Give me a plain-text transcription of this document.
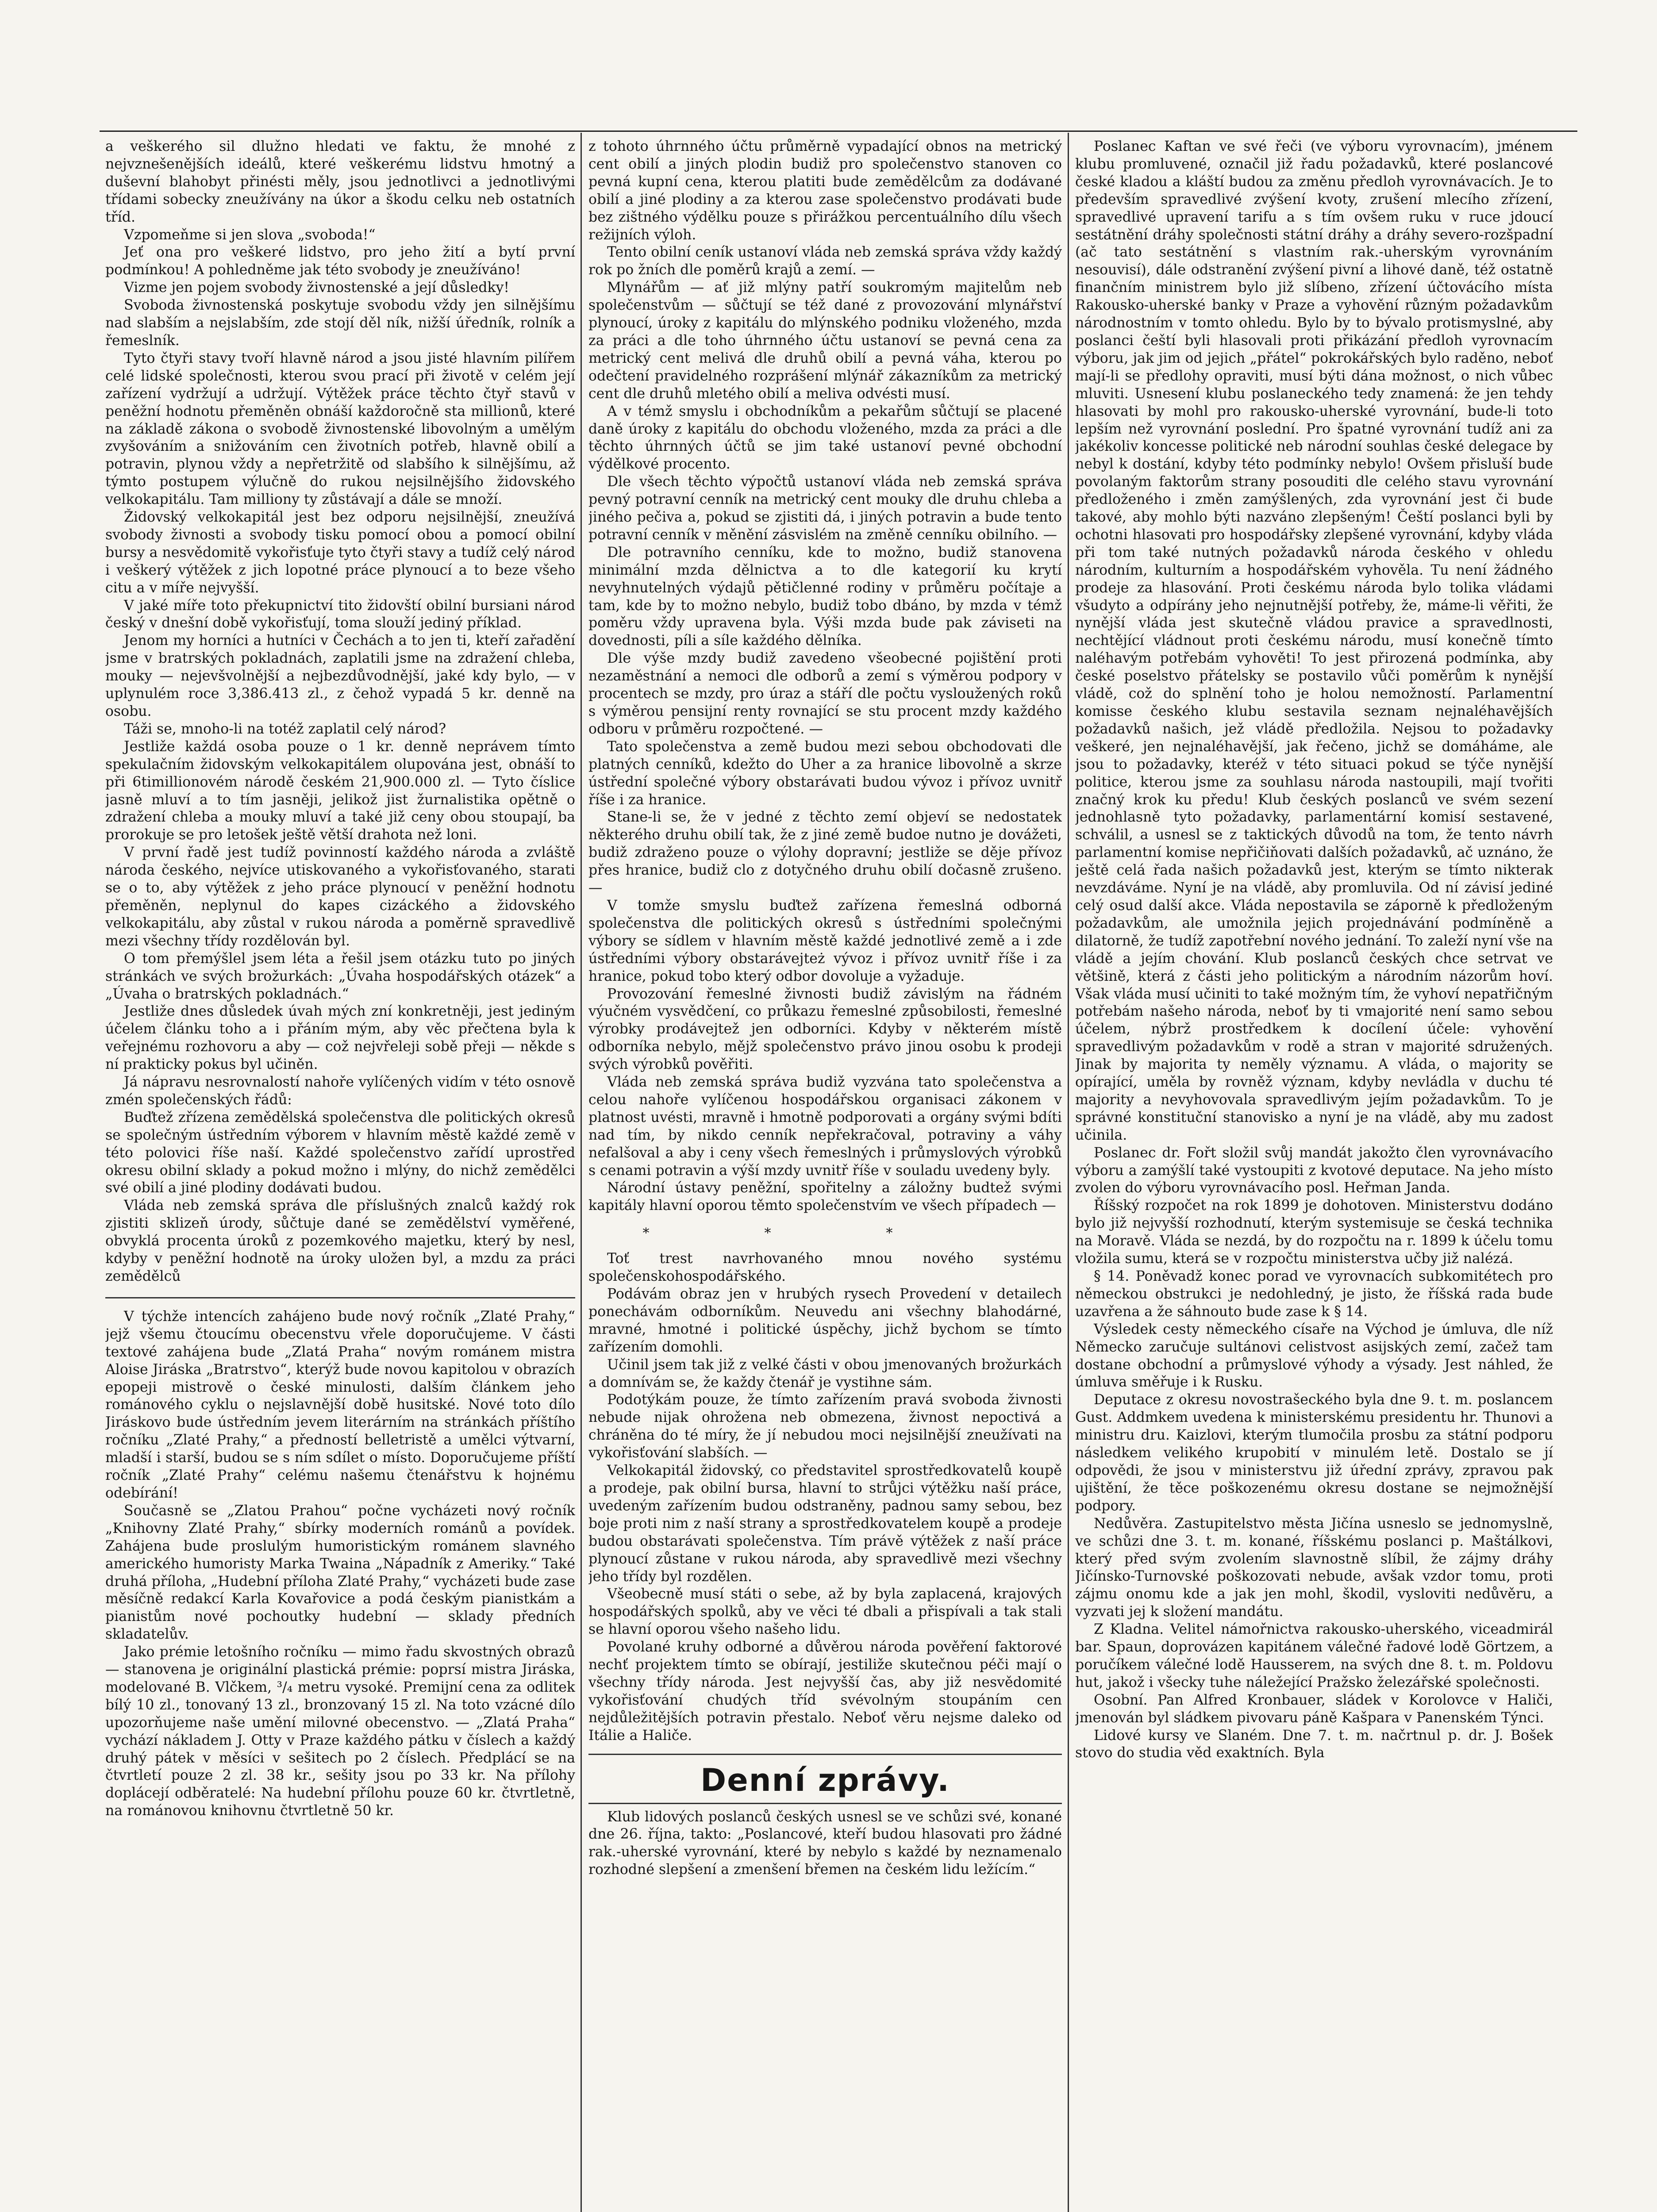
a veškerého sil dlužno hledati ve faktu, že mnohé z nejvznešenějších ideálů, které veškerému lidstvu hmotný a duševní blahobyt přinésti měly, jsou jednotlivci a jednotlivými třídami sobecky zneužívány na úkor a škodu celku neb ostatních tříd.

Vzpomeňme si jen slova „svoboda!“

Jeť ona pro veškeré lidstvo, pro jeho žití a bytí první podmínkou! A pohledněme jak této svobody je zneužíváno!

Vizme jen pojem svobody živnostenské a její důsledky!

Svoboda živnostenská poskytuje svobodu vždy jen silnějšímu nad slabším a nejslabším, zde stojí děl ník, nižší úředník, rolník a řemeslník.

Tyto čtyři stavy tvoří hlavně národ a jsou jisté hlavním pilířem celé lidské společnosti, kterou svou prací při životě v celém její zařízení vydržují a udržují. Výtěžek práce těchto čtyř stavů v peněžní hodnotu přeměněn obnáší každoročně sta millionů, které na základě zákona o svobodě živnostenské libovolným a umělým zvyšováním a snižováním cen životních potřeb, hlavně obilí a potravin, plynou vždy a nepřetržitě od slabšího k silnějšímu, až týmto postupem výlučně do rukou nejsilnějšího židovského velkokapitálu. Tam milliony ty zůstávají a dále se množí.

Židovský velkokapitál jest bez odporu nejsilnější, zneužívá svobody živnosti a svobody tisku pomocí obou a pomocí obilní bursy a nesvědomitě vykořisťuje tyto čtyři stavy a tudíž celý národ i veškerý výtěžek z jich lopotné práce plynoucí a to beze všeho citu a v míře nejvyšší.

V jaké míře toto překupnictví tito židovští obilní bursiani národ český v dnešní době vykořisťují, toma slouží jediný příklad.

Jenom my horníci a hutníci v Čechách a to jen ti, kteří zařadění jsme v bratrských pokladnách, zaplatili jsme na zdražení chleba, mouky — nejevšvolnější a nejbezdůvodnější, jaké kdy bylo, — v uplynulém roce 3,386.413 zl., z čehož vypadá 5 kr. denně na osobu.

Táži se, mnoho-li na totéž zaplatil celý národ?

Jestliže každá osoba pouze o 1 kr. denně neprávem tímto spekulačním židovským velkokapitálem olupována jest, obnáší to při 6timillionovém národě českém 21,900.000 zl. — Tyto číslice jasně mluví a to tím jasněji, jelikož jist žurnalistika opětně o zdražení chleba a mouky mluví a také již ceny obou stoupají, ba prorokuje se pro letošek ještě větší drahota než loni.

V první řadě jest tudíž povinností každého národa a zvláště národa českého, nejvíce utiskovaného a vykořisťovaného, starati se o to, aby výtěžek z jeho práce plynoucí v peněžní hodnotu přeměněn, neplynul do kapes cizáckého a židovského velkokapitálu, aby zůstal v rukou národa a poměrně spravedlivě mezi všechny třídy rozdělován byl.

O tom přemýšlel jsem léta a řešil jsem otázku tuto po jiných stránkách ve svých brožurkách: „Úvaha hospodářských otázek“ a „Úvaha o bratrských pokladnách.“

Jestliže dnes důsledek úvah mých zní konkretněji, jest jediným účelem článku toho a i přáním mým, aby věc přečtena byla k veřejnému rozhovoru a aby — což nejvřeleji sobě přeji — někde s ní prakticky pokus byl učiněn.

Já nápravu nesrovnalostí nahoře vylíčených vidím v této osnově zmén společenských řádů:

Buďtež zřízena zemědělská společenstva dle politických okresů se společným ústředním výborem v hlavním městě každé země v této polovici říše naší. Každé společenstvo zařídí uprostřed okresu obilní sklady a pokud možno i mlýny, do nichž zemědělci své obilí a jiné plodiny dodávati budou.

Vláda neb zemská správa dle příslušných znalců každý rok zjistiti sklizeň úrody, sůčtuje dané se zemědělství vyměřené, obvyklá procenta úroků z pozemkového majetku, který by nesl, kdyby v peněžní hodnotě na úroky uložen byl, a mzdu za práci zemědělců

V týchže intencích zahájeno bude nový ročník „Zlaté Prahy,“ jejž všemu čtoucímu obecenstvu vřele doporučujeme. V části textové zahájena bude „Zlatá Praha“ novým románem mistra Aloise Jiráska „Bratrstvo“, kterýž bude novou kapitolou v obrazích epopeji mistrově o české minulosti, dalším článkem jeho románového cyklu o nejslavnější době husitské. Nové toto dílo Jiráskovo bude ústředním jevem literárním na stránkách příštího ročníku „Zlaté Prahy,“ a předností belletristě a umělci výtvarní, mladší i starší, budou se s ním sdílet o místo. Doporučujeme příští ročník „Zlaté Prahy“ celému našemu čtenářstvu k hojnému odebírání!

Současně se „Zlatou Prahou“ počne vycházeti nový ročník „Knihovny Zlaté Prahy,“ sbírky moderních románů a povídek. Zahájena bude proslulým humoristickým románem slavného amerického humoristy Marka Twaina „Nápadník z Ameriky.“ Také druhá příloha, „Hudební příloha Zlaté Prahy,“ vycházeti bude zase měsíčně redakcí Karla Kovařovice a podá českým pianistkám a pianistům nové pochoutky hudební — sklady předních skladatelův.

Jako prémie letošního ročníku — mimo řadu skvostných obrazů — stanovena je originální plastická prémie: poprsí mistra Jiráska, modelované B. Vlčkem, ³/₄ metru vysoké. Premijní cena za odlitek bílý 10 zl., tonovaný 13 zl., bronzovaný 15 zl. Na toto vzácné dílo upozorňujeme naše umění milovné obecenstvo. — „Zlatá Praha“ vychází nákladem J. Otty v Praze každého pátku v číslech a každý druhý pátek v měsíci v sešitech po 2 číslech. Předplácí se na čtvrtletí pouze 2 zl. 38 kr., sešity jsou po 33 kr. Na přílohy doplácejí odběratelé: Na hudební přílohu pouze 60 kr. čtvrtletně, na románovou knihovnu čtvrtletně 50 kr.

z tohoto úhrnného účtu průměrně vypadající obnos na metrický cent obilí a jiných plodin budiž pro společenstvo stanoven co pevná kupní cena, kterou platiti bude zemědělcům za dodávané obilí a jiné plodiny a za kterou zase společenstvo prodávati bude bez zištného výdělku pouze s přirážkou percentuálního dílu všech režijních výloh.

Tento obilní ceník ustanoví vláda neb zemská správa vždy každý rok po žních dle poměrů krajů a zemí. —

Mlynářům — ať již mlýny patří soukromým majitelům neb společenstvům — sůčtují se též dané z provozování mlynářství plynoucí, úroky z kapitálu do mlýnského podniku vloženého, mzda za práci a dle toho úhrnného účtu ustanoví se pevná cena za metrický cent melivá dle druhů obilí a pevná váha, kterou po odečtení pravidelného rozprášení mlýnář zákazníkům za metrický cent dle druhů mletého obilí a meliva odvésti musí.

A v témž smyslu i obchodníkům a pekařům sůčtují se placené daně úroky z kapitálu do obchodu vloženého, mzda za práci a dle těchto úhrnných účtů se jim také ustanoví pevné obchodní výdělkové procento.

Dle všech těchto výpočtů ustanoví vláda neb zemská správa pevný potravní cenník na metrický cent mouky dle druhu chleba a jiného pečiva a, pokud se zjistiti dá, i jiných potravin a bude tento potravní cenník v měnění zásvislém na změně cenníku obilního. —

Dle potravního cenníku, kde to možno, budiž stanovena minimální mzda dělnictva a to dle kategorií ku krytí nevyhnutelných výdajů pětičlenné rodiny v průměru počítaje a tam, kde by to možno nebylo, budiž tobo dbáno, by mzda v témž poměru vždy upravena byla. Výši mzda bude pak záviseti na dovednosti, píli a síle každého dělníka.

Dle výše mzdy budiž zavedeno všeobecné pojištění proti nezaměstnání a nemoci dle odborů a zemí s výměrou podpory v procentech se mzdy, pro úraz a stáří dle počtu vysloužených roků s výměrou pensijní renty rovnající se stu procent mzdy každého odboru v průměru rozpočtené. —

Tato společenstva a země budou mezi sebou obchodovati dle platných cenníků, kdežto do Uher a za hranice libovolně a skrze ústřední společné výbory obstarávati budou vývoz i přívoz uvnitř říše i za hranice.

Stane-li se, že v jedné z těchto zemí objeví se nedostatek některého druhu obilí tak, že z jiné země budoe nutno je dovážeti, budiž zdraženo pouze o výlohy dopravní; jestliže se děje přívoz přes hranice, budiž clo z dotyčného druhu obilí dočasně zrušeno. —

V tomže smyslu buďtež zařízena řemeslná odborná společenstva dle politických okresů s ústředními společnými výbory se sídlem v hlavním městě každé jednotlivé země a i zde ústředními výbory obstarávejteż vývoz i přívoz uvnitř říše i za hranice, pokud tobo který odbor dovoluje a vyžaduje.

Provozování řemeslné živnosti budiž závislým na řádném výučném vysvědčení, co průkazu řemeslné způsobilosti, řemeslné výrobky prodávejtež jen odborníci. Kdyby v některém místě odborníka nebylo, mějž společenstvo právo jinou osobu k prodeji svých výrobků pověřiti.

Vláda neb zemská správa budiž vyzvána tato společenstva a celou nahoře vylíčenou hospodářskou organisaci zákonem v platnost uvésti, mravně i hmotně podporovati a orgány svými bdíti nad tím, by nikdo cenník nepřekračoval, potraviny a váhy nefalšoval a aby i ceny všech řemeslných i průmyslových výrobků s cenami potravin a výší mzdy uvnitř říše v souladu uvedeny byly.

Národní ústavy peněžní, spořitelny a záložny budtež svými kapitály hlavní oporou těmto společenstvím ve všech případech —

***

Toť trest navrhovaného mnou nového systému společenskohospodářského.

Podávám obraz jen v hrubých rysech Provedení v detailech ponechávám odborníkům. Neuvedu ani všechny blahodárné, mravné, hmotné i politické úspěchy, jichž bychom se tímto zařízením domohli.

Učinil jsem tak již z velké části v obou jmenovaných brožurkách a domnívám se, že každy čtenář je vystihne sám.

Podotýkám pouze, že tímto zařízením pravá svoboda živnosti nebude nijak ohrožena neb obmezena, živnost nepoctivá a chráněna do té míry, že jí nebudou moci nejsilnější zneužívati na vykořisťování slabších. —

Velkokapitál židovský, co představitel sprostředkovatelů koupě a prodeje, pak obilní bursa, hlavní to strůjci výtěžku naší práce, uvedeným zařízením budou odstraněny, padnou samy sebou, bez boje proti nim z naší strany a sprostředkovatelem koupě a prodeje budou obstarávati společenstva. Tím právě výtěžek z naší práce plynoucí zůstane v rukou národa, aby spravedlivě mezi všechny jeho třídy byl rozdělen.

Všeobecně musí státi o sebe, až by byla zaplacená, krajových hospodářských spolků, aby ve věci té dbali a přispívali a tak stali se hlavní oporou všeho našeho lidu.

Povolané kruhy odborné a důvěrou národa pověření faktorové nechť projektem tímto se obírají, jestiliže skutečnou péči mají o všechny třídy národa. Jest nejvyšší čas, aby již nesvědomité vykořisťování chudých tříd svévolným stoupáním cen nejdůležitějších potravin přestalo. Neboť věru nejsme daleko od Itálie a Haliče.

Denní zprávy.

Klub lidových poslanců českých usnesl se ve schůzi své, konané dne 26. října, takto: „Poslancové, kteří budou hlasovati pro žádné rak.-uherské vyrovnání, které by nebylo s každé by neznamenalo rozhodné slepšení a zmenšení břemen na českém lidu ležícím.“

Poslanec Kaftan ve své řeči (ve výboru vyrovnacím), jménem klubu promluvené, označil již řadu požadavků, které poslancové české kladou a kláští budou za změnu předloh vyrovnávacích. Je to především spravedlivé zvýšení kvoty, zrušení mlecího zřízení, spravedlivé upravení tarifu a s tím ovšem ruku v ruce jdoucí sestátnění dráhy společnosti státní dráhy a dráhy severo-rozšpadní (ač tato sestátnění s vlastním rak.-uherským vyrovnáním nesouvisí), dále odstranění zvýšení pivní a lihové daně, též ostatně finančním ministrem bylo již slíbeno, zřízení účtovácího místa Rakousko-uherské banky v Praze a vyhovění různým požadavkům národnostním v tomto ohledu. Bylo by to bývalo protismyslné, aby poslanci čeští byli hlasovali proti přikázání předloh vyrovnacím výboru, jak jim od jejich „přátel“ pokrokářských bylo raděno, neboť mají-li se předlohy opraviti, musí býti dána možnost, o nich vůbec mluviti. Usnesení klubu poslaneckého tedy znamená: že jen tehdy hlasovati by mohl pro rakousko-uherské vyrovnání, bude-li toto lepším než vyrovnání poslední. Pro špatné vyrovnání tudíž ani za jakékoliv koncesse politické neb národní souhlas české delegace by nebyl k dostání, kdyby této podmínky nebylo! Ovšem přisluší bude povolaným faktorům strany posouditi dle celého stavu vyrovnání předloženého i změn zamýšlených, zda vyrovnání jest či bude takové, aby mohlo býti nazváno zlepšeným! Čeští poslanci byli by ochotni hlasovati pro hospodářsky zlepšené vyrovnání, kdyby vláda při tom také nutných požadavků národa českého v ohledu národním, kulturním a hospodářském vyhověla. Tu není žádného prodeje za hlasování. Proti českému národa bylo tolika vládami všudyto a odpírány jeho nejnutnější potřeby, že, máme-li věřiti, že nynější vláda jest skutečně vládou pravice a spravedlnosti, nechtějící vládnout proti českému národu, musí konečně tímto naléhavým potřebám vyhověti! To jest přirozená podmínka, aby české poselstvo přátelsky se postavilo vůči poměrům k nynější vládě, což do splnění toho je holou nemožností. Parlamentní komisse českého klubu sestavila seznam nejnaléhavějších požadavků našich, jež vládě předložila. Nejsou to požadavky veškeré, jen nejnaléhavější, jak řečeno, jichž se domáháme, ale jsou to požadavky, kteréž v této situaci pokud se týče nynější politice, kterou jsme za souhlasu národa nastoupili, mají tvořiti značný krok ku předu! Klub českých poslanců ve svém sezení jednohlasně tyto požadavky, parlamentární komisí sestavené, schválil, a usnesl se z taktických důvodů na tom, že tento návrh parlamentní komise nepřičiňovati dalších požadavků, ač uznáno, že ještě celá řada našich požadavků jest, kterým se tímto nikterak nevzdáváme. Nyní je na vládě, aby promluvila. Od ní závisí jediné celý osud další akce. Vláda nepostavila se záporně k předloženým požadavkům, ale umožnila jejich projednávání podmíněně a dilatorně, že tudíž zapotřební nového jednání. To zaleží nyní vše na vládě a jejím chování. Klub poslanců českých chce setrvat ve většině, která z části jeho politickým a národním názorům hoví. Však vláda musí učiniti to také možným tím, že vyhoví nepatřičným potřebám našeho národa, neboť by ti vmajorité není samo sebou účelem, nýbrž prostředkem k docílení účele: vyhovění spravedlivým požadavkům v rodě a stran v majorité sdružených. Jinak by majorita ty neměly významu. A vláda, o majority se opírající, uměla by rovněž význam, kdyby nevládla v duchu té majority a nevyhovovala spravedlivým jejím požadavkům. To je správné konstituční stanovisko a nyní je na vládě, aby mu zadost učinila.

Poslanec dr. Fořt složil svůj mandát jakožto člen vyrovnávacího výboru a zamýšlí také vystoupiti z kvotové deputace. Na jeho místo zvolen do výboru vyrovnávacího posl. Heřman Janda.

Říšský rozpočet na rok 1899 je dohotoven. Ministerstvu dodáno bylo již nejvyšší rozhodnutí, kterým systemisuje se česká technika na Moravě. Vláda se nezdá, by do rozpočtu na r. 1899 k účelu tomu vložila sumu, která se v rozpočtu ministerstva učby již nalézá.

§ 14. Poněvadž konec porad ve vyrovnacích subkomitétech pro německou obstrukci je nedohledný, je jisto, že říšská rada bude uzavřena a že sáhnouto bude zase k § 14.

Výsledek cesty německého císaře na Východ je úmluva, dle níž Německo zaručuje sultánovi celistvost asijských zemí, začež tam dostane obchodní a průmyslové výhody a výsady. Jest náhled, že úmluva směřuje i k Rusku.

Deputace z okresu novostrašeckého byla dne 9. t. m. poslancem Gust. Addmkem uvedena k ministerskému presidentu hr. Thunovi a ministru dru. Kaizlovi, kterým tlumočila prosbu za státní podporu následkem velikého krupobití v minulém letě. Dostalo se jí odpovědi, že jsou v ministerstvu již úřední zprávy, zpravou pak ujištění, že těce poškozenému okresu dostane se nejmožnější podpory.

Nedůvěra. Zastupitelstvo města Jičína usneslo se jednomyslně, ve schůzi dne 3. t. m. konané, říšskému poslanci p. Maštálkovi, který před svým zvolením slavnostně slíbil, že zájmy dráhy Jičínsko-Turnovské poškozovati nebude, avšak vzdor tomu, proti zájmu onomu kde a jak jen mohl, škodil, vysloviti nedůvěru, a vyzvati jej k složení mandátu.

Z Kladna. Velitel námořnictva rakousko-uherského, viceadmirál bar. Spaun, doprovázen kapitánem válečné řadové lodě Görtzem, a poručíkem válečné lodě Hausserem, na svých dne 8. t. m. Poldovu hut, jakož i všecky tuhe náležející Pražsko železářské společnosti.

Osobní. Pan Alfred Kronbauer, sládek v Korolovce v Haliči, jmenován byl sládkem pivovaru páně Kašpara v Panenském Týnci.

Lidové kursy ve Slaném. Dne 7. t. m. načrtnul p. dr. J. Bošek stovo do studia věd exaktních. Byla
